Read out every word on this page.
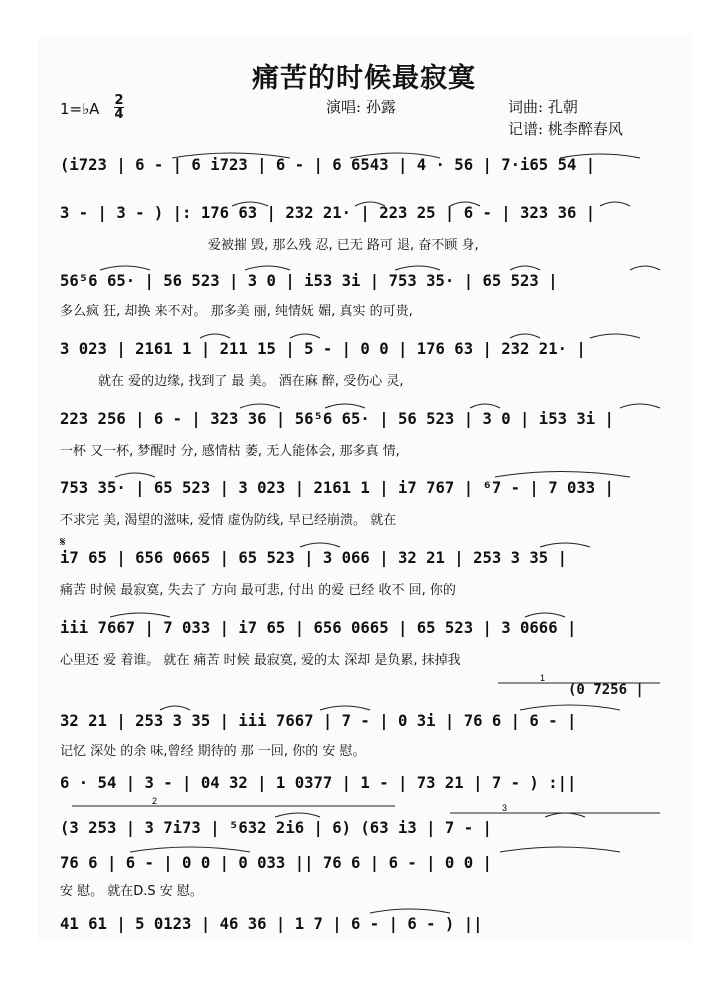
痛苦的时候最寂寞
1=♭A 2
4	演唱: 孙露	词曲: 孔朝
记谱: 桃李醉春风
(i723 | 6 - | 6 i723 | 6 - | 6 6543 | 4 · 56 | 7·i65 54 |
3 - | 3 - ) |: 176 63 | 232 21· | 223 25 | 6 - | 323 36 |
爱被摧 毁, 那么残 忍, 已无 路可 退, 奋不顾 身,
56⁵6 65· | 56 523 | 3 0 | i53 3i | 753 35· | 65 523 |
多么疯 狂, 却换 来不对。 那多美 丽, 纯情妩 媚, 真实 的可贵,
3 023 | 2161 1 | 211 15 | 5 - | 0 0 | 176 63 | 232 21· |
就在 爱的边缘, 找到了 最 美。 酒在麻 醉, 受伤心 灵,
223 256 | 6 - | 323 36 | 56⁵6 65· | 56 523 | 3 0 | i53 3i |
一杯 又一杯, 梦醒时 分, 感情枯 萎, 无人能体会, 那多真 情,
753 35· | 65 523 | 3 023 | 2161 1 | i7 767 | ⁶7 - | 7 033 |
不求完 美, 渴望的滋味, 爱情 虚伪防线, 早已经崩溃。 就在
i7 65 | 656 0665 | 65 523 | 3 066 | 32 21 | 253 3 35 |
痛苦 时候 最寂寞, 失去了 方向 最可悲, 付出 的爱 已经 收不 回, 你的
iii 7667 | 7 033 | i7 65 | 656 0665 | 65 523 | 3 0666 |
心里还 爱 着谁。 就在 痛苦 时候 最寂寞, 爱的太 深却 是负累, 抹掉我
(0 7256 |
32 21 | 253 3 35 | iii 7667 | 7 - | 0 3i | 76 6 | 6 - |
记忆 深处 的余 味,曾经 期待的 那 一回, 你的 安 慰。
6 · 54 | 3 - | 04 32 | 1 0377 | 1 - | 73 21 | 7 - ) :||
(3 253 | 3 7i73 | ⁵632 2i6 | 6) (63 i3 | 7 - |
76 6 | 6 - | 0 0 | 0 033 || 76 6 | 6 - | 0 0 |
安 慰。 就在D.S 安 慰。
41 61 | 5 0123 | 46 36 | 1 7 | 6 - | 6 - ) ||
1
2
3
𝄋
